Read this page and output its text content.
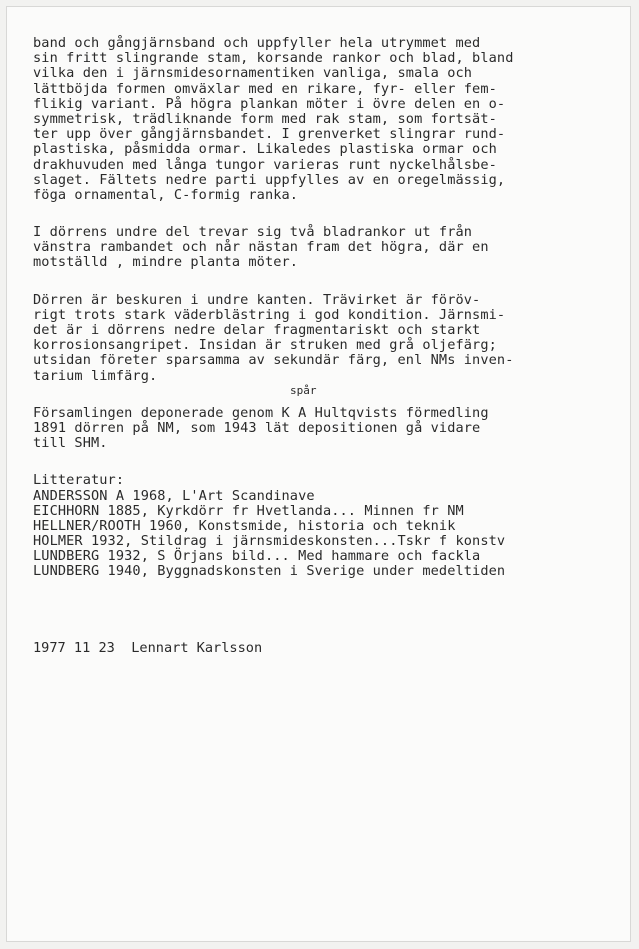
band och gångjärnsband och uppfyller hela utrymmet med
sin fritt slingrande stam, korsande rankor och blad, bland
vilka den i järnsmidesornamentiken vanliga, smala och
lättböjda formen omväxlar med en rikare, fyr- eller fem-
flikig variant. På högra plankan möter i övre delen en o-
symmetrisk, trädliknande form med rak stam, som fortsät-
ter upp över gångjärnsbandet. I grenverket slingrar rund-
plastiska, påsmidda ormar. Likaledes plastiska ormar och
drakhuvuden med långa tungor varieras runt nyckelhålsbe-
slaget. Fältets nedre parti uppfylles av en oregelmässig,
föga ornamental, C-formig ranka.
I dörrens undre del trevar sig två bladrankor ut från
vänstra rambandet och når nästan fram det högra, där en
motställd , mindre planta möter.
Dörren är beskuren i undre kanten. Trävirket är föröv-
rigt trots stark väderblästring i god kondition. Järnsmi-
det är i dörrens nedre delar fragmentariskt och starkt
korrosionsangripet. Insidan är struken med grå oljefärg;
utsidan företer sparsamma av sekundär färg, enl NMs inven-
tarium limfärg.
Församlingen deponerade genom K A Hultqvists förmedling
1891 dörren på NM, som 1943 lät depositionen gå vidare
till SHM.
Litteratur:
ANDERSSON A 1968, L'Art Scandinave
EICHHORN 1885, Kyrkdörr fr Hvetlanda... Minnen fr NM
HELLNER/ROOTH 1960, Konstsmide, historia och teknik
HOLMER 1932, Stildrag i järnsmideskonsten...Tskr f konstv
LUNDBERG 1932, S Örjans bild... Med hammare och fackla
LUNDBERG 1940, Byggnadskonsten i Sverige under medeltiden
spår
1977 11 23  Lennart Karlsson
